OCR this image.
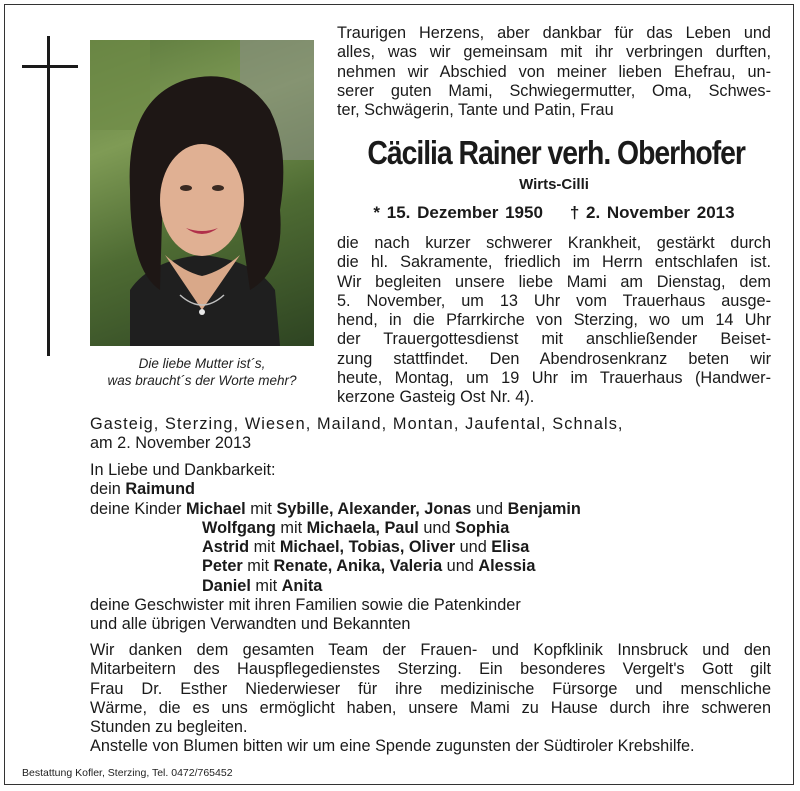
Die liebe Mutter ist´s,
was braucht´s der Worte mehr?
Traurigen Herzens, aber dankbar für das Leben und
alles, was wir gemeinsam mit ihr verbringen durften,
nehmen wir Abschied von meiner lieben Ehefrau, un-
serer guten Mami, Schwiegermutter, Oma, Schwes-
ter, Schwägerin, Tante und Patin, Frau
Cäcilia Rainer verh. Oberhofer
Wirts-Cilli
* 15. Dezember 1950 † 2. November 2013
die nach kurzer schwerer Krankheit, gestärkt durch
die hl. Sakramente, friedlich im Herrn entschlafen ist.
Wir begleiten unsere liebe Mami am Dienstag, dem
5. November, um 13 Uhr vom Trauerhaus ausge-
hend, in die Pfarrkirche von Sterzing, wo um 14 Uhr
der Trauergottesdienst mit anschließender Beiset-
zung stattfindet. Den Abendrosenkranz beten wir
heute, Montag, um 19 Uhr im Trauerhaus (Handwer-
kerzone Gasteig Ost Nr. 4).
Gasteig, Sterzing, Wiesen, Mailand, Montan, Jaufental, Schnals,
am 2. November 2013
In Liebe und Dankbarkeit:
dein Raimund
deine Kinder Michael mit Sybille, Alexander, Jonas und Benjamin
Wolfgang mit Michaela, Paul und Sophia
Astrid mit Michael, Tobias, Oliver und Elisa
Peter mit Renate, Anika, Valeria und Alessia
Daniel mit Anita
deine Geschwister mit ihren Familien sowie die Patenkinder
und alle übrigen Verwandten und Bekannten
Wir danken dem gesamten Team der Frauen- und Kopfklinik Innsbruck und den
Mitarbeitern des Hauspflegedienstes Sterzing. Ein besonderes Vergelt's Gott gilt
Frau Dr. Esther Niederwieser für ihre medizinische Fürsorge und menschliche
Wärme, die es uns ermöglicht haben, unsere Mami zu Hause durch ihre schweren
Stunden zu begleiten.
Anstelle von Blumen bitten wir um eine Spende zugunsten der Südtiroler Krebshilfe.
Bestattung Kofler, Sterzing, Tel. 0472/765452
